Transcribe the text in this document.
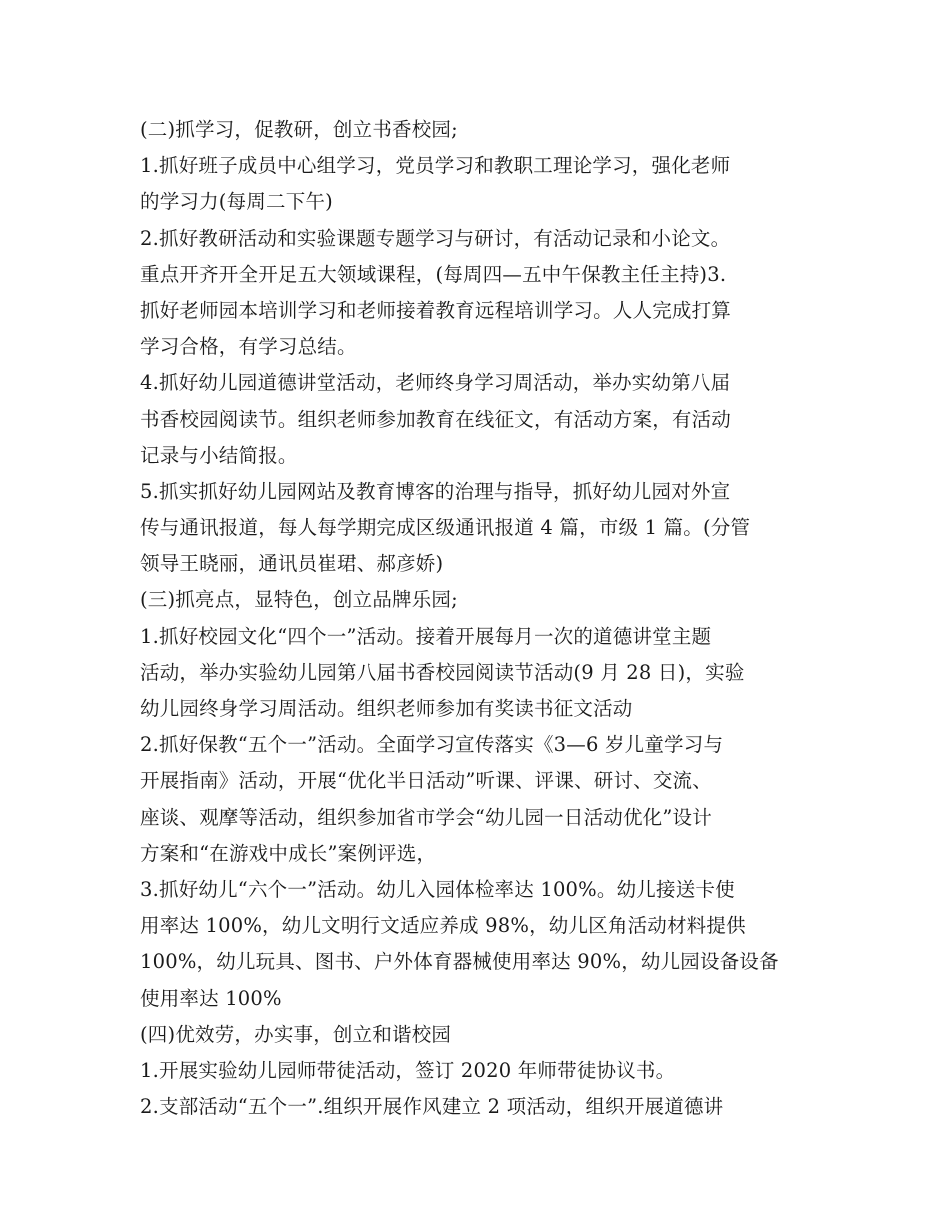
(二)抓学习，促教研，创立书香校园;
1.抓好班子成员中心组学习，党员学习和教职工理论学习，强化老师
的学习力(每周二下午)
2.抓好教研活动和实验课题专题学习与研讨，有活动记录和小论文。
重点开齐开全开足五大领域课程，(每周四—五中午保教主任主持)3.
抓好老师园本培训学习和老师接着教育远程培训学习。人人完成打算
学习合格，有学习总结。
4.抓好幼儿园道德讲堂活动，老师终身学习周活动，举办实幼第八届
书香校园阅读节。组织老师参加教育在线征文，有活动方案，有活动
记录与小结简报。
5.抓实抓好幼儿园网站及教育博客的治理与指导，抓好幼儿园对外宣
传与通讯报道，每人每学期完成区级通讯报道 4 篇，市级 1 篇。(分管
领导王晓丽，通讯员崔珺、郝彦娇)
(三)抓亮点，显特色，创立品牌乐园;
1.抓好校园文化“四个一”活动。接着开展每月一次的道德讲堂主题
活动，举办实验幼儿园第八届书香校园阅读节活动(9 月 28 日)，实验
幼儿园终身学习周活动。组织老师参加有奖读书征文活动
2.抓好保教“五个一”活动。全面学习宣传落实《3—6 岁儿童学习与
开展指南》活动，开展“优化半日活动”听课、评课、研讨、交流、
座谈、观摩等活动，组织参加省市学会“幼儿园一日活动优化”设计
方案和“在游戏中成长”案例评选，
3.抓好幼儿“六个一”活动。幼儿入园体检率达 100%。幼儿接送卡使
用率达 100%，幼儿文明行文适应养成 98%，幼儿区角活动材料提供
100%，幼儿玩具、图书、户外体育器械使用率达 90%，幼儿园设备设备
使用率达 100%
(四)优效劳，办实事，创立和谐校园
1.开展实验幼儿园师带徒活动，签订 2020 年师带徒协议书。
2.支部活动“五个一”.组织开展作风建立 2 项活动，组织开展道德讲
